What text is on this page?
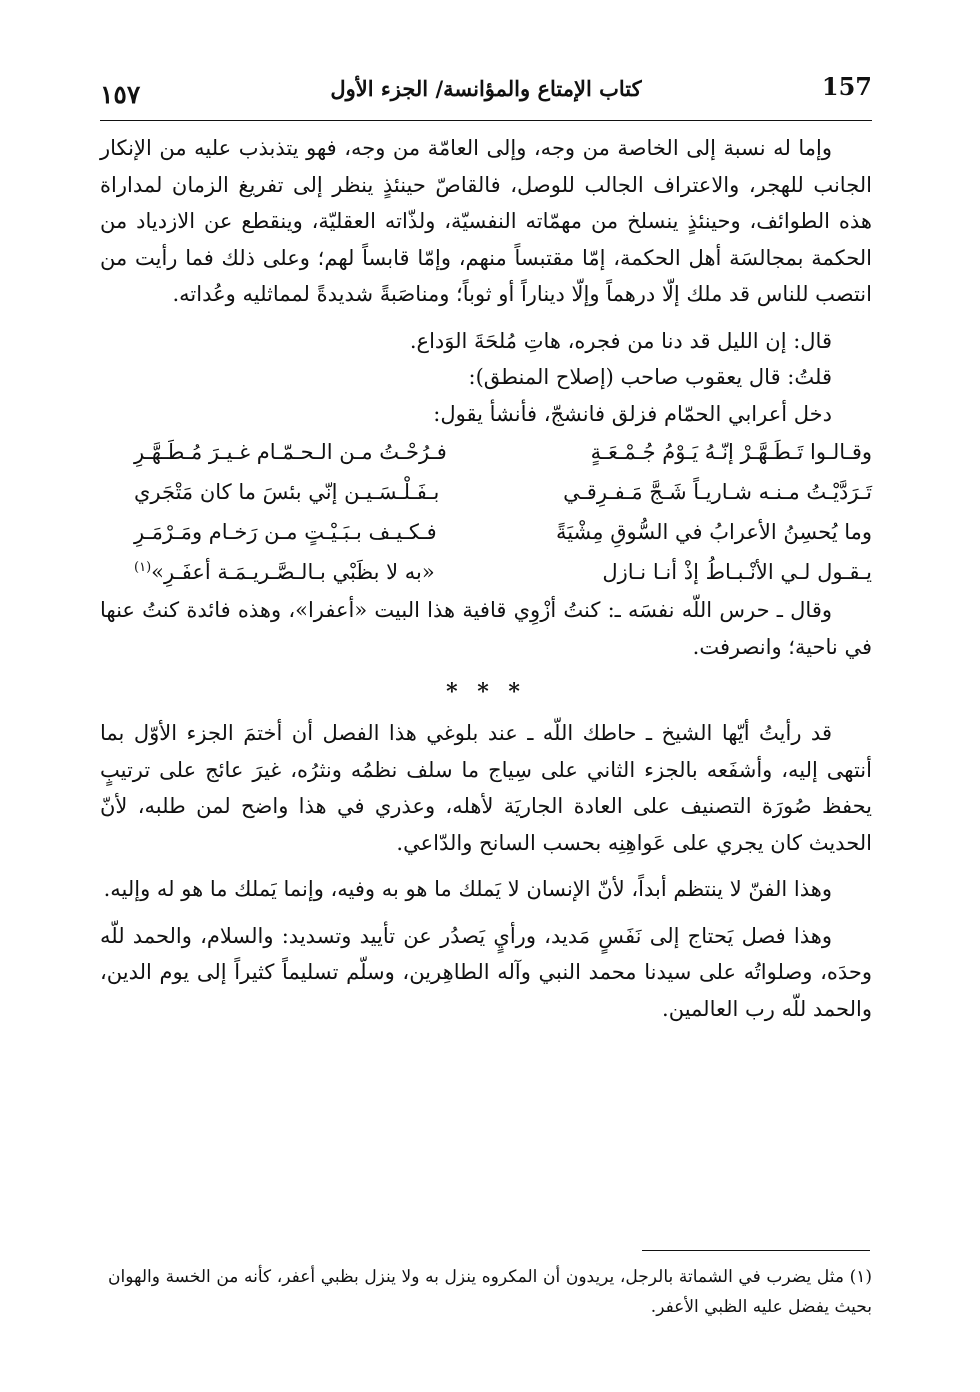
157
كتاب الإمتاع والمؤانسة/ الجزء الأول
١٥٧

وإما له نسبة إلى الخاصة من وجه، وإلى العامّة من وجه، فهو يتذبذب عليه من الإنكار الجانب للهجر، والاعتراف الجالب للوصل، فالقاصّ حينئذٍ ينظر إلى تفريغ الزمان لمداراة هذه الطوائف، وحينئذٍ ينسلخ من مهمّاته النفسيّة، ولذّاته العقليّة، وينقطع عن الازدياد من الحكمة بمجالسَة أهل الحكمة، إمّا مقتبساً منهم، وإمّا قابساً لهم؛ وعلى ذلك فما رأيت من انتصب للناس قد ملك إلّا درهماً وإلّا ديناراً أو ثوباً؛ ومناصَبةً شديدةً لمماثليه وعُداته.

قال: إن الليل قد دنا من فجره، هاتِ مُلحَةَ الوَداع.

قلتُ: قال يعقوب صاحب (إصلاح المنطق):

دخل أعرابي الحمّام فزلق فانشجّ، فأنشأ يقول:

وقـالـوا تَـطَـهَّـرْ إنّـهُ يَـوْمُ جُـمْـعَـةٍ
فـرُحْـتُ مـن الـحـمّـام غـيـرَ مُـطَـهَّـرِ
تَـرَدَّيْـتُ مـنـه شـاريـاً شَـجَّ مَـفـرِقـي
بـفَـلْـسَـيـن إنّي بئسَ ما كان مَتْجَري
وما يُحسِنُ الأعرابُ في السُّوقِ مِشْيَةً
فـكـيـف بـبَـيْـتٍ مـن رَخـام ومَـرْمَـرِ
يـقـول لـي الأنْـبـاطُ إذْ أنـا نـازل
«به لا بظَبْي بـالـصَّـريـمَـة أعفَـرِ»$^{(١)}$

وقال ـ حرس اللّه نفسَه ـ: كنتُ أزْوِي قافية هذا البيت «أعفرا»، وهذه فائدة كنتُ عنها في ناحية؛ وانصرفت.

* * *

قد رأيتُ أيّها الشيخ ـ حاطك اللّه ـ عند بلوغي هذا الفصل أن أختمَ الجزء الأوّل بما أنتهى إليه، وأشفَعه بالجزء الثاني على سِياج ما سلف نظمُه ونثرُه، غيرَ عائج على ترتيبٍ يحفظ صُورَة التصنيف على العادة الجاريَة لأهله، وعذري في هذا واضح لمن طلبه، لأنّ الحديث كان يجري على عَواهِنِه بحسب السانح والدّاعي.

وهذا الفنّ لا ينتظم أبداً، لأنّ الإنسان لا يَملك ما هو به وفيه، وإنما يَملك ما هو له وإليه.

وهذا فصل يَحتاج إلى نَفَسٍ مَديد، ورأيٍ يَصدُر عن تأييد وتسديد: والسلام، والحمد للّه وحدَه، وصلواتُه على سيدنا محمد النبي وآله الطاهِرين، وسلّم تسليماً كثيراً إلى يوم الدين، والحمد للّه رب العالمين.

(١) مثل يضرب في الشماتة بالرجل، يريدون أن المكروه ينزل به ولا ينزل بظبي أعفر، كأنه من الخسة والهوان بحيث يفضل عليه الظبي الأعفر.
